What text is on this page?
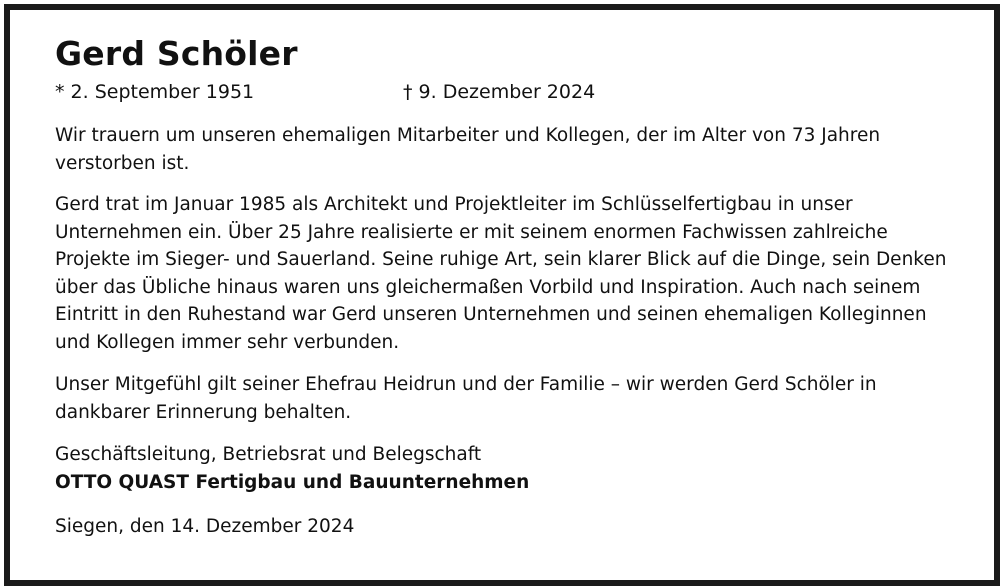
Gerd Schöler
* 2. September 1951	† 9. Dezember 2024

Wir trauern um unseren ehemaligen Mitarbeiter und Kollegen, der im Alter von 73 Jahren verstorben ist.

Gerd trat im Januar 1985 als Architekt und Projektleiter im Schlüsselfertigbau in unser Unternehmen ein. Über 25 Jahre realisierte er mit seinem enormen Fachwissen zahlreiche Projekte im Sieger- und Sauerland. Seine ruhige Art, sein klarer Blick auf die Dinge, sein Denken über das Übliche hinaus waren uns gleichermaßen Vorbild und Inspiration. Auch nach seinem Eintritt in den Ruhestand war Gerd unseren Unternehmen und seinen ehemaligen Kolleginnen und Kollegen immer sehr verbunden.

Unser Mitgefühl gilt seiner Ehefrau Heidrun und der Familie – wir werden Gerd Schöler in dankbarer Erinnerung behalten.

Geschäftsleitung, Betriebsrat und Belegschaft

OTTO QUAST Fertigbau und Bauunternehmen

Siegen, den 14. Dezember 2024
